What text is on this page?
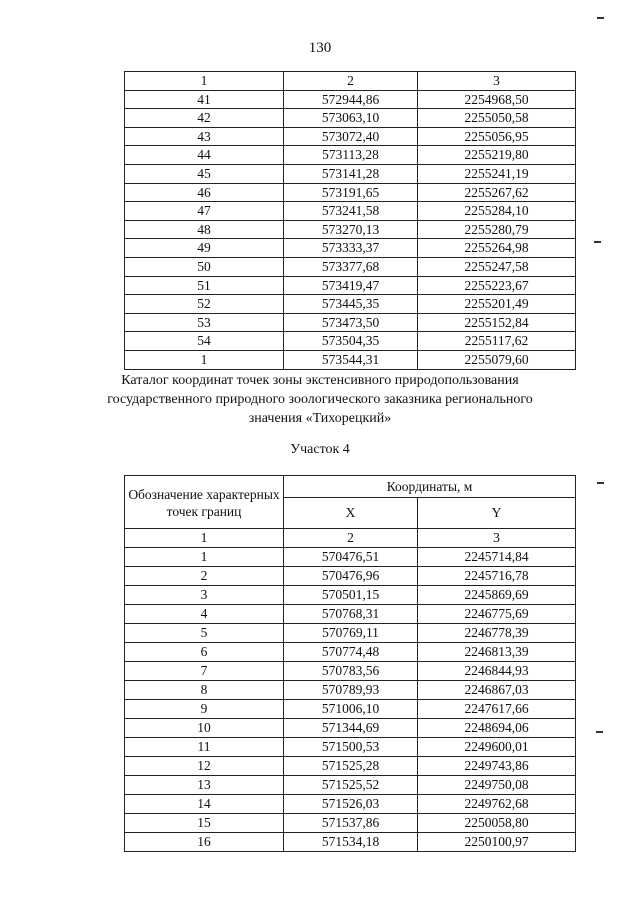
130
1	2	3
41	572944,86	2254968,50
42	573063,10	2255050,58
43	573072,40	2255056,95
44	573113,28	2255219,80
45	573141,28	2255241,19
46	573191,65	2255267,62
47	573241,58	2255284,10
48	573270,13	2255280,79
49	573333,37	2255264,98
50	573377,68	2255247,58
51	573419,47	2255223,67
52	573445,35	2255201,49
53	573473,50	2255152,84
54	573504,35	2255117,62
1	573544,31	2255079,60
Каталог координат точек зоны экстенсивного природопользования
государственного природного зоологического заказника регионального
значения «Тихорецкий»
Участок 4
Обозначение характерных точек границ	Координаты, м	
	X	Y
1	2	3
1	570476,51	2245714,84
2	570476,96	2245716,78
3	570501,15	2245869,69
4	570768,31	2246775,69
5	570769,11	2246778,39
6	570774,48	2246813,39
7	570783,56	2246844,93
8	570789,93	2246867,03
9	571006,10	2247617,66
10	571344,69	2248694,06
11	571500,53	2249600,01
12	571525,28	2249743,86
13	571525,52	2249750,08
14	571526,03	2249762,68
15	571537,86	2250058,80
16	571534,18	2250100,97
